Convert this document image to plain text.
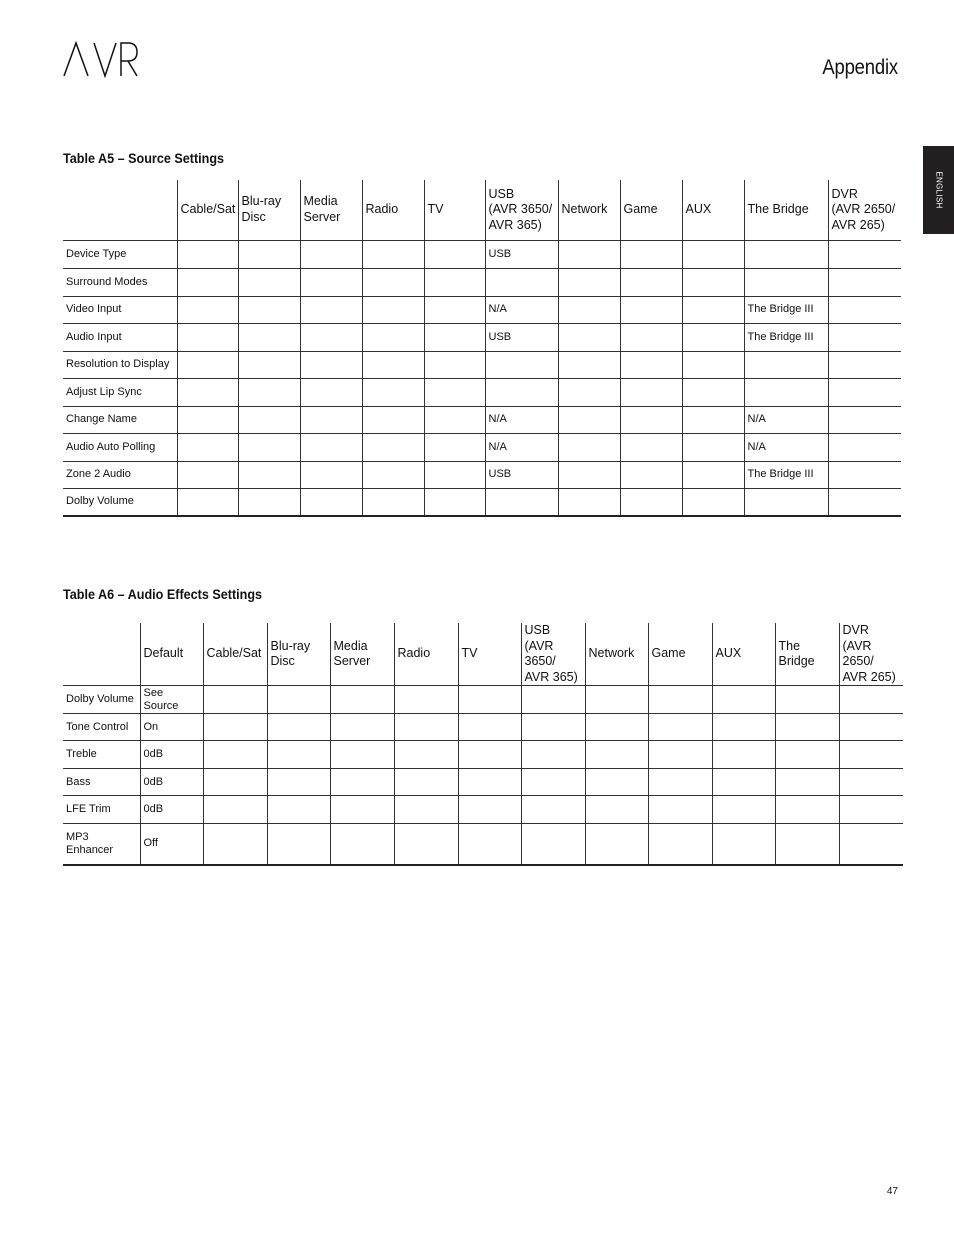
Appendix
ENGLISH
Table A5 – Source Settings
	Cable/Sat	Blu-ray
Disc	Media
Server	Radio	TV	USB
(AVR 3650/
AVR 365)	Network	Game	AUX	The Bridge	DVR
(AVR 2650/
AVR 265)
Device Type						USB					
Surround Modes											
Video Input						N/A				The Bridge III	
Audio Input						USB				The Bridge III	
Resolution to Display											
Adjust Lip Sync											
Change Name						N/A				N/A	
Audio Auto Polling						N/A				N/A	
Zone 2 Audio						USB				The Bridge III	
Dolby Volume											
Table A6 – Audio Effects Settings
	Default	Cable/Sat	Blu-ray
Disc	Media
Server	Radio	TV	USB
(AVR 3650/
AVR 365)	Network	Game	AUX	The Bridge	DVR
(AVR 2650/
AVR 265)
Dolby Volume	See Source											
Tone Control	On											
Treble	0dB											
Bass	0dB											
LFE Trim	0dB											
MP3
Enhancer	Off											
47
